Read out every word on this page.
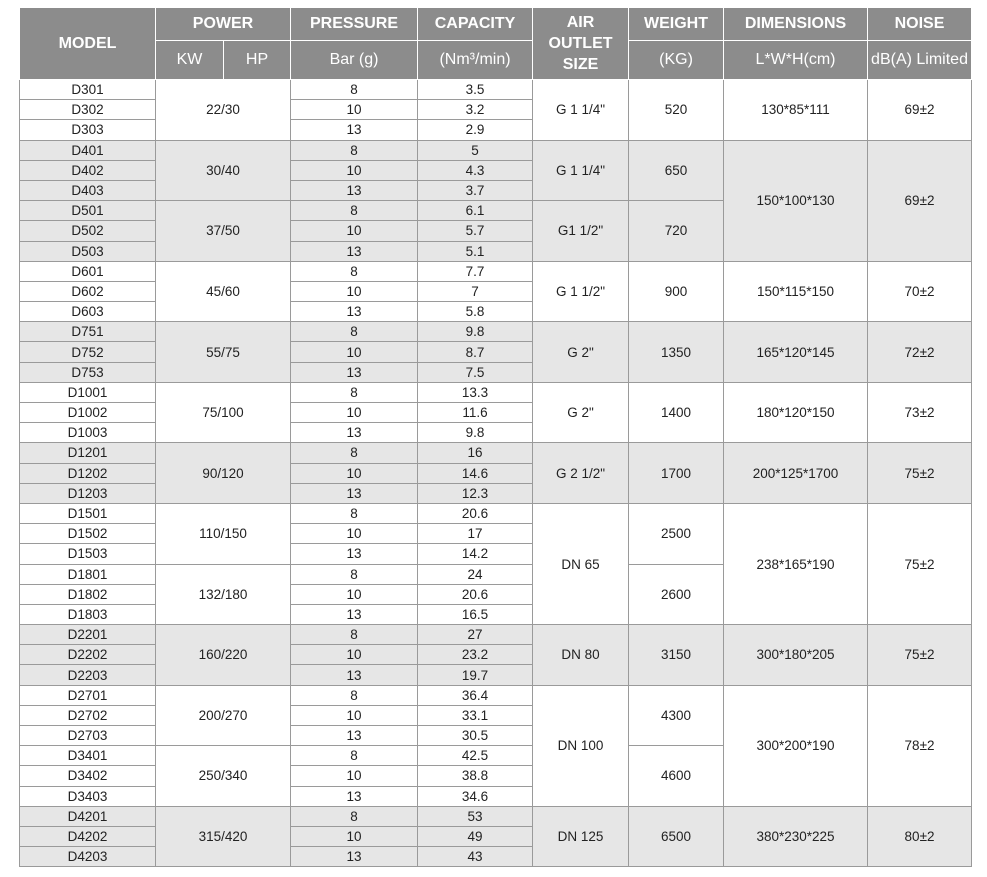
MODEL	POWER		PRESSURE	CAPACITY	AIR OUTLET SIZE	WEIGHT	DIMENSIONS	NOISE
	KW	HP	Bar (g)	(Nm³/min)		(KG)	L*W*H(cm)	dB(A) Limited
D301	22/30		8	3.5	G 1 1/4"	520	130*85*111	69±2
D302			10	3.2				
D303			13	2.9				
D401	30/40		8	5	G 1 1/4"	650	150*100*130	69±2
D402			10	4.3				
D403			13	3.7				
D501	37/50		8	6.1	G1 1/2"	720		
D502			10	5.7				
D503			13	5.1				
D601	45/60		8	7.7	G 1 1/2"	900	150*115*150	70±2
D602			10	7				
D603			13	5.8				
D751	55/75		8	9.8	G 2"	1350	165*120*145	72±2
D752			10	8.7				
D753			13	7.5				
D1001	75/100		8	13.3	G 2"	1400	180*120*150	73±2
D1002			10	11.6				
D1003			13	9.8				
D1201	90/120		8	16	G 2 1/2"	1700	200*125*1700	75±2
D1202			10	14.6				
D1203			13	12.3				
D1501	110/150		8	20.6	DN 65	2500	238*165*190	75±2
D1502			10	17				
D1503			13	14.2				
D1801	132/180		8	24		2600		
D1802			10	20.6				
D1803			13	16.5				
D2201	160/220		8	27	DN 80	3150	300*180*205	75±2
D2202			10	23.2				
D2203			13	19.7				
D2701	200/270		8	36.4	DN 100	4300	300*200*190	78±2
D2702			10	33.1				
D2703			13	30.5				
D3401	250/340		8	42.5		4600		
D3402			10	38.8				
D3403			13	34.6				
D4201	315/420		8	53	DN 125	6500	380*230*225	80±2
D4202			10	49				
D4203			13	43				
